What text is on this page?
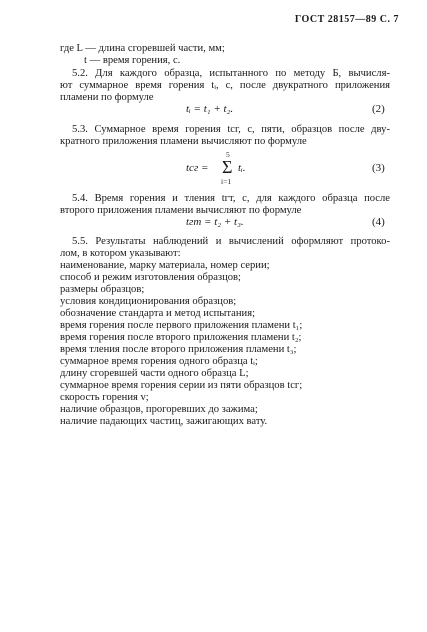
ГОСТ 28157—89 С. 7
где L — длина сгоревшей части, мм;
t — время горения, с.
5.2. Для каждого образца, испытанного по методу Б, вычисля-
ют суммарное время горения tᵢ, с, после двукратного приложения
пламени по формуле
tᵢ = t₁ + t₂.	(2)
5.3. Суммарное время горения tсг, с, пяти, образцов после дву-
кратного приложения пламени вычисляют по формуле
tсг =
5
Σ
i=1
tᵢ.	(3)
5.4. Время горения и тления tгт, с, для каждого образца после
второго приложения пламени вычисляют по формуле
tгт = t₂ + t₃.	(4)
5.5. Результаты наблюдений и вычислений оформляют протоко-
лом, в котором указывают:
наименование, марку материала, номер серии;
способ и режим изготовления образцов;
размеры образцов;
условия кондиционирования образцов;
обозначение стандарта и метод испытания;
время горения после первого приложения пламени t₁;
время горения после второго приложения пламени t₂;
время тления после второго приложения пламени t₃;
суммарное время горения одного образца tᵢ;
длину сгоревшей части одного образца L;
суммарное время горения серии из пяти образцов tсг;
скорость горения v;
наличие образцов, прогоревших до зажима;
наличие падающих частиц, зажигающих вату.
